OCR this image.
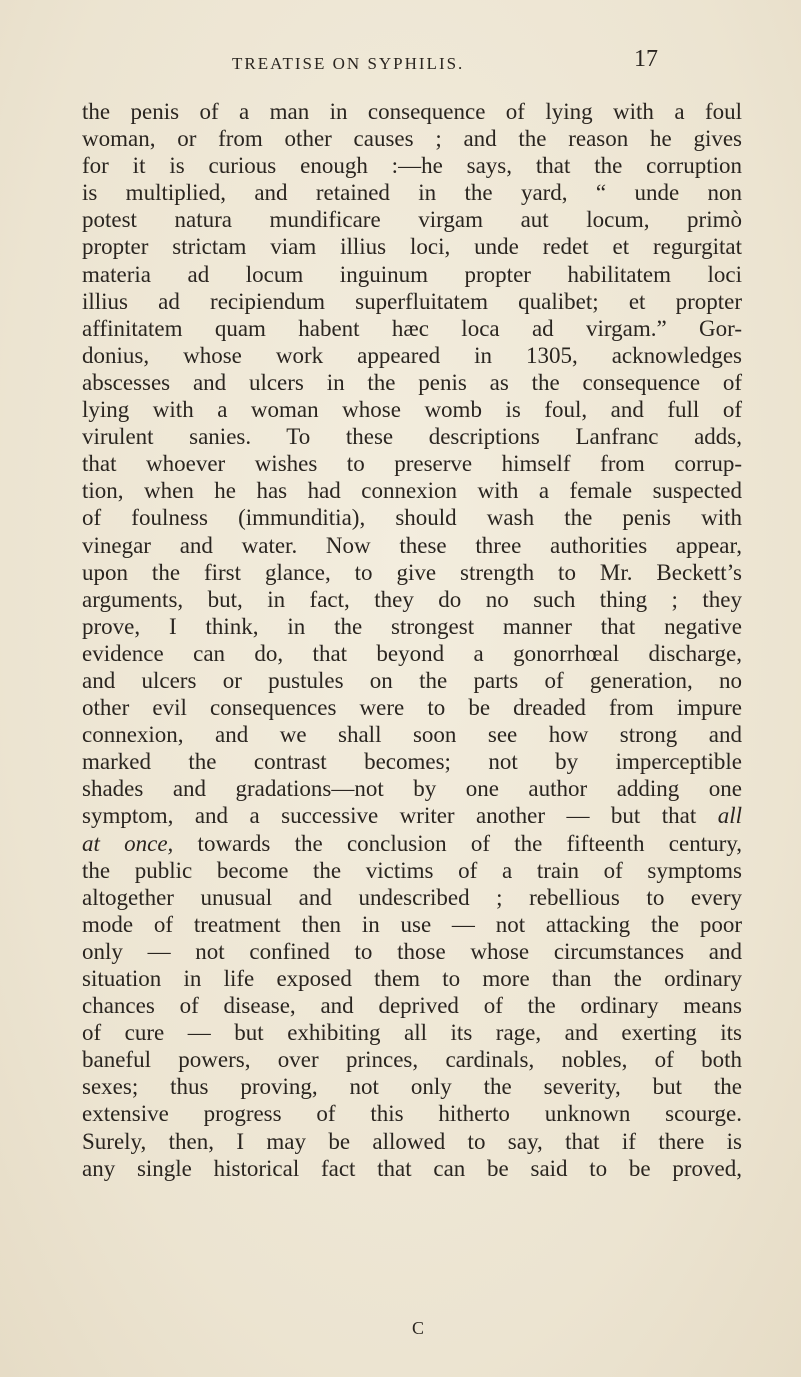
TREATISE ON SYPHILIS.	17
the penis of a man in consequence of lying with a foul
woman, or from other causes ; and the reason he gives
for it is curious enough :—he says, that the corruption
is multiplied, and retained in the yard, “ unde non
potest natura mundificare virgam aut locum, primò
propter strictam viam illius loci, unde redet et regurgitat
materia ad locum inguinum propter habilitatem loci
illius ad recipiendum superfluitatem qualibet; et propter
affinitatem quam habent hæc loca ad virgam.” Gor-
donius, whose work appeared in 1305, acknowledges
abscesses and ulcers in the penis as the consequence of
lying with a woman whose womb is foul, and full of
virulent sanies. To these descriptions Lanfranc adds,
that whoever wishes to preserve himself from corrup-
tion, when he has had connexion with a female suspected
of foulness (immunditia), should wash the penis with
vinegar and water. Now these three authorities appear,
upon the first glance, to give strength to Mr. Beckett’s
arguments, but, in fact, they do no such thing ; they
prove, I think, in the strongest manner that negative
evidence can do, that beyond a gonorrhœal discharge,
and ulcers or pustules on the parts of generation, no
other evil consequences were to be dreaded from impure
connexion, and we shall soon see how strong and
marked the contrast becomes; not by imperceptible
shades and gradations—not by one author adding one
symptom, and a successive writer another — but that all
at once, towards the conclusion of the fifteenth century,
the public become the victims of a train of symptoms
altogether unusual and undescribed ; rebellious to every
mode of treatment then in use — not attacking the poor
only — not confined to those whose circumstances and
situation in life exposed them to more than the ordinary
chances of disease, and deprived of the ordinary means
of cure — but exhibiting all its rage, and exerting its
baneful powers, over princes, cardinals, nobles, of both
sexes; thus proving, not only the severity, but the
extensive progress of this hitherto unknown scourge.
Surely, then, I may be allowed to say, that if there is
any single historical fact that can be said to be proved,
C
